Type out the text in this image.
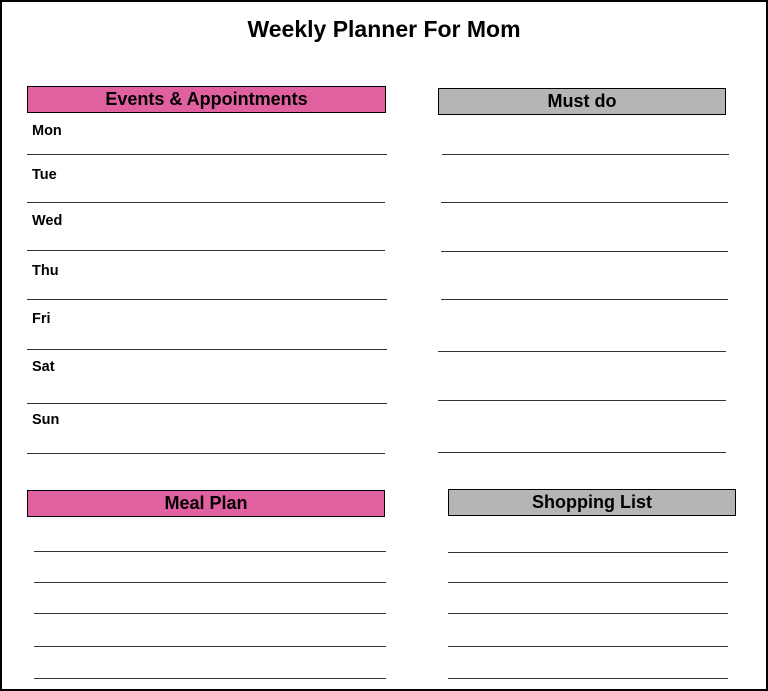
Weekly Planner For Mom
Events & Appointments
Mon
Tue
Wed
Thu
Fri
Sat
Sun
Must do
Meal Plan	Shopping List
